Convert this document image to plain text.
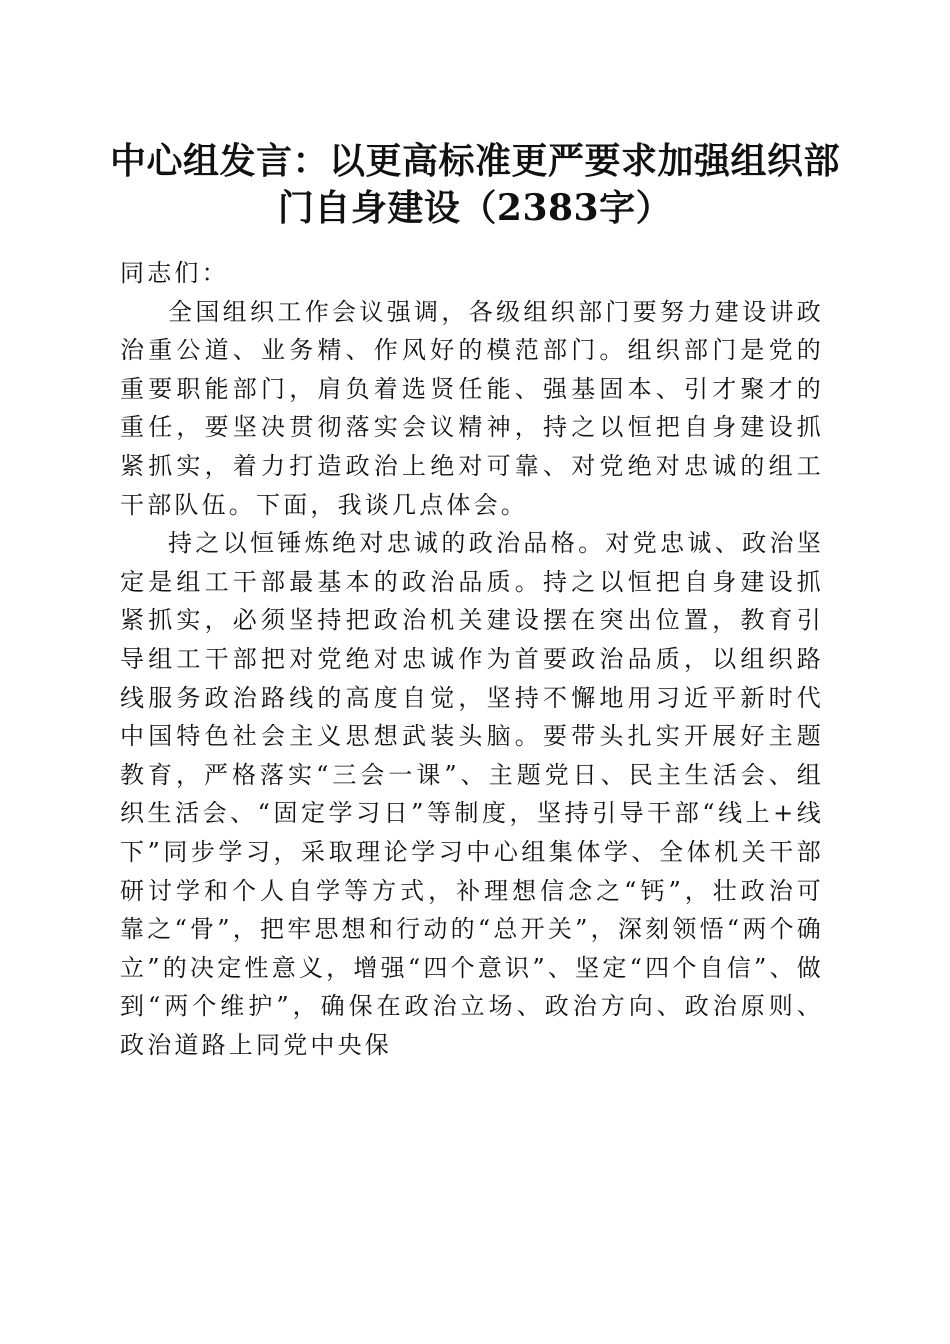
中心组发言：以更高标准更严要求加强组织部
门自身建设（2383字）

同志们：

全国组织工作会议强调，各级组织部门要努力建设讲政治重公道、业务精、作风好的模范部门。组织部门是党的重要职能部门，肩负着选贤任能、强基固本、引才聚才的重任，要坚决贯彻落实会议精神，持之以恒把自身建设抓紧抓实，着力打造政治上绝对可靠、对党绝对忠诚的组工干部队伍。下面，我谈几点体会。

持之以恒锤炼绝对忠诚的政治品格。对党忠诚、政治坚定是组工干部最基本的政治品质。持之以恒把自身建设抓紧抓实，必须坚持把政治机关建设摆在突出位置，教育引导组工干部把对党绝对忠诚作为首要政治品质，以组织路线服务政治路线的高度自觉，坚持不懈地用习近平新时代中国特色社会主义思想武装头脑。要带头扎实开展好主题教育，严格落实“三会一课”、主题党日、民主生活会、组织生活会、“固定学习日”等制度，坚持引导干部“线上+线下”同步学习，采取理论学习中心组集体学、全体机关干部研讨学和个人自学等方式，补理想信念之“钙”，壮政治可靠之“骨”，把牢思想和行动的“总开关”，深刻领悟“两个确立”的决定性意义，增强“四个意识”、坚定“四个自信”、做到“两个维护”，确保在政治立场、政治方向、政治原则、政治道路上同党中央保
